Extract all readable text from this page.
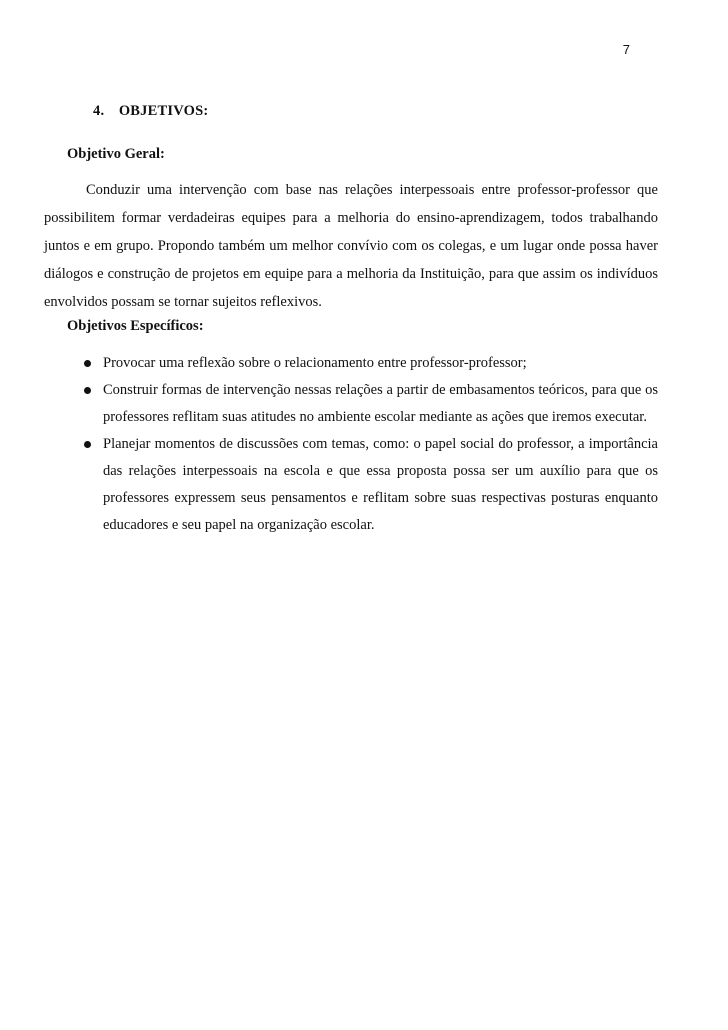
7
4. OBJETIVOS:
Objetivo Geral:

Conduzir uma intervenção com base nas relações interpessoais entre professor-professor que possibilitem formar verdadeiras equipes para a melhoria do ensino-aprendizagem, todos trabalhando juntos e em grupo. Propondo também um melhor convívio com os colegas, e um lugar onde possa haver diálogos e construção de projetos em equipe para a melhoria da Instituição, para que assim os indivíduos envolvidos possam se tornar sujeitos reflexivos.

Objetivos Específicos:
Provocar uma reflexão sobre o relacionamento entre professor-professor;
Construir formas de intervenção nessas relações a partir de embasamentos teóricos, para que os professores reflitam suas atitudes no ambiente escolar mediante as ações que iremos executar.
Planejar momentos de discussões com temas, como: o papel social do professor, a importância das relações interpessoais na escola e que essa proposta possa ser um auxílio para que os professores expressem seus pensamentos e reflitam sobre suas respectivas posturas enquanto educadores e seu papel na organização escolar.
